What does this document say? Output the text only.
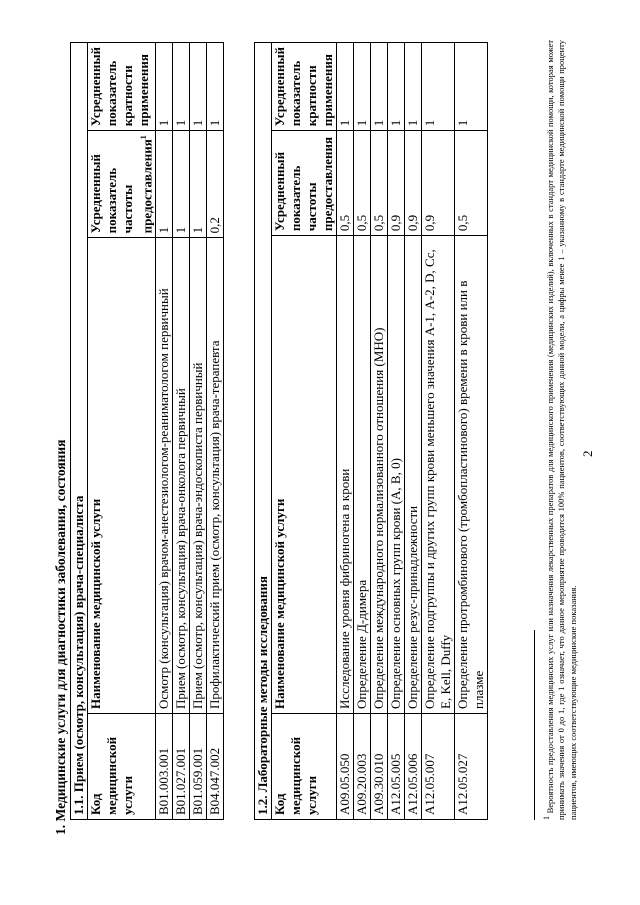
2
1. Медицинские услуги для диагностики заболевания, состояния 1.1. Прием (осмотр, консультация) врача-специалиста			
Код медицинской услуги	Наименование медицинской услуги	Усредненный показатель частоты предоставления$^1$	Усредненный показатель кратности применения
B01.003.001	Осмотр (консультация) врачом-анестезиологом-реаниматологом первичный	1	1
B01.027.001	Прием (осмотр, консультация) врача-онколога первичный	1	1
B01.059.001	Прием (осмотр, консультация) врача-эндоскописта первичный	1	1
B04.047.002	Профилактический прием (осмотр, консультация) врача-терапевта	0,2	1
1.2. Лабораторные методы исследования			
Код медицинской услуги	Наименование медицинской услуги	Усредненный показатель частоты предоставления	Усредненный показатель кратности применения
A09.05.050	Исследование уровня фибриногена в крови	0,5	1
A09.20.003	Определение Д-димера	0,5	1
A09.30.010	Определение международного нормализованного отношения (МНО)	0,5	1
A12.05.005	Определение основных групп крови (А, В, 0)	0,9	1
A12.05.006	Определение резус-принадлежности	0,9	1
A12.05.007	Определение подгруппы и других групп крови меньшего значения А-1, А-2, D, Cc, E, Kell, Duffy	0,9	1
A12.05.027	Определение протромбинового (тромбопластинового) времени в крови или в плазме	0,5	1
$^1$ Вероятность предоставления медицинских услуг или назначения лекарственных препаратов для медицинского применения (медицинских изделий), включенных в стандарт медицинской помощи, которая может принимать значения от 0 до 1, где 1 означает, что данное мероприятие проводится 100% пациентов, соответствующих данной модели, а цифры менее 1 – указанному в стандарте медицинской помощи проценту пациентов, имеющих соответствующие медицинские показания.
